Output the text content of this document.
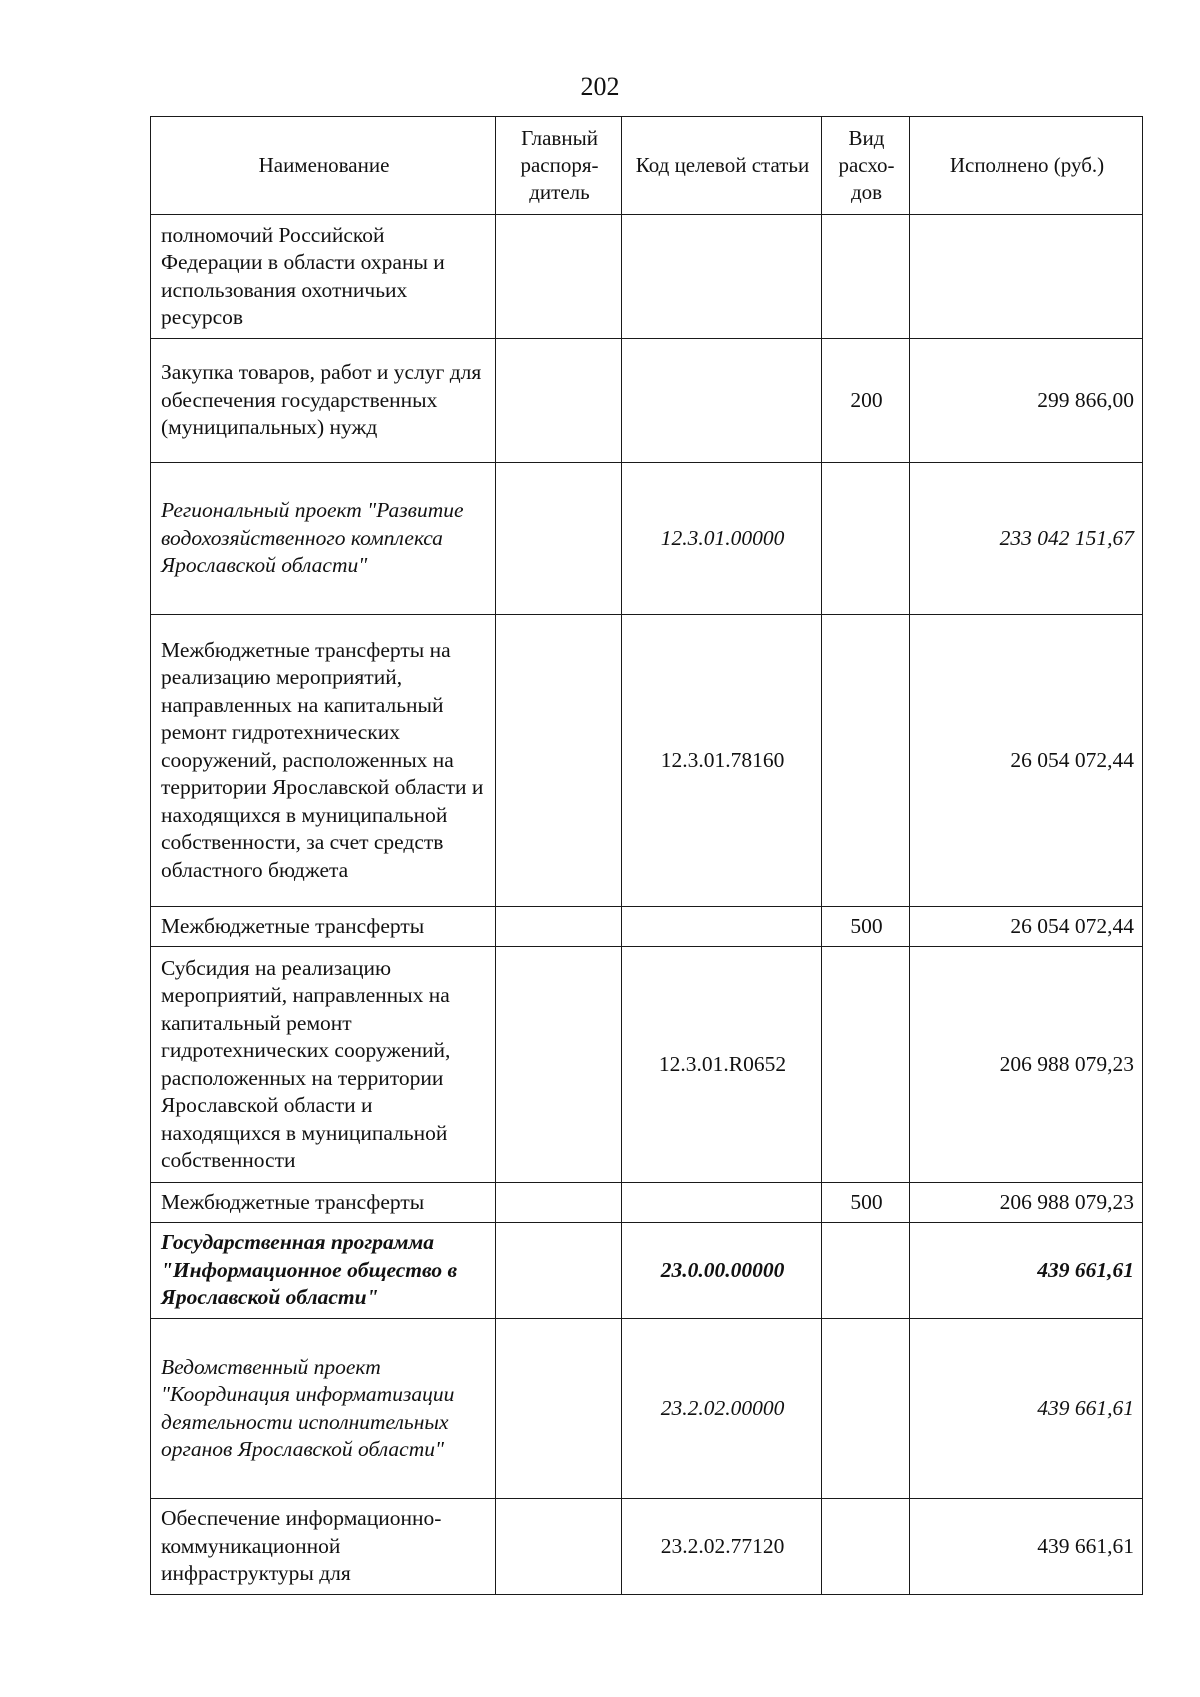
202
Наименование	Главный распоря-дитель	Код целевой статьи	Вид расхо-дов	Исполнено (руб.)
полномочий Российской Федерации в области охраны и использования охотничьих ресурсов				
Закупка товаров, работ и услуг для обеспечения государственных (муниципальных) нужд			200	299 866,00
Региональный проект "Развитие водохозяйственного комплекса Ярославской области"		12.3.01.00000		233 042 151,67
Межбюджетные трансферты на реализацию мероприятий, направленных на капитальный ремонт гидротехнических сооружений, расположенных на территории Ярославской области и находящихся в муниципальной собственности, за счет средств областного бюджета		12.3.01.78160		26 054 072,44
Межбюджетные трансферты			500	26 054 072,44
Субсидия на реализацию мероприятий, направленных на капитальный ремонт гидротехнических сооружений, расположенных на территории Ярославской области и находящихся в муниципальной собственности		12.3.01.R0652		206 988 079,23
Межбюджетные трансферты			500	206 988 079,23
Государственная программа "Информационное общество в Ярославской области"		23.0.00.00000		439 661,61
Ведомственный проект "Координация информатизации деятельности исполнительных органов Ярославской области"		23.2.02.00000		439 661,61
Обеспечение информационно-коммуникационной инфраструктуры для		23.2.02.77120		439 661,61
